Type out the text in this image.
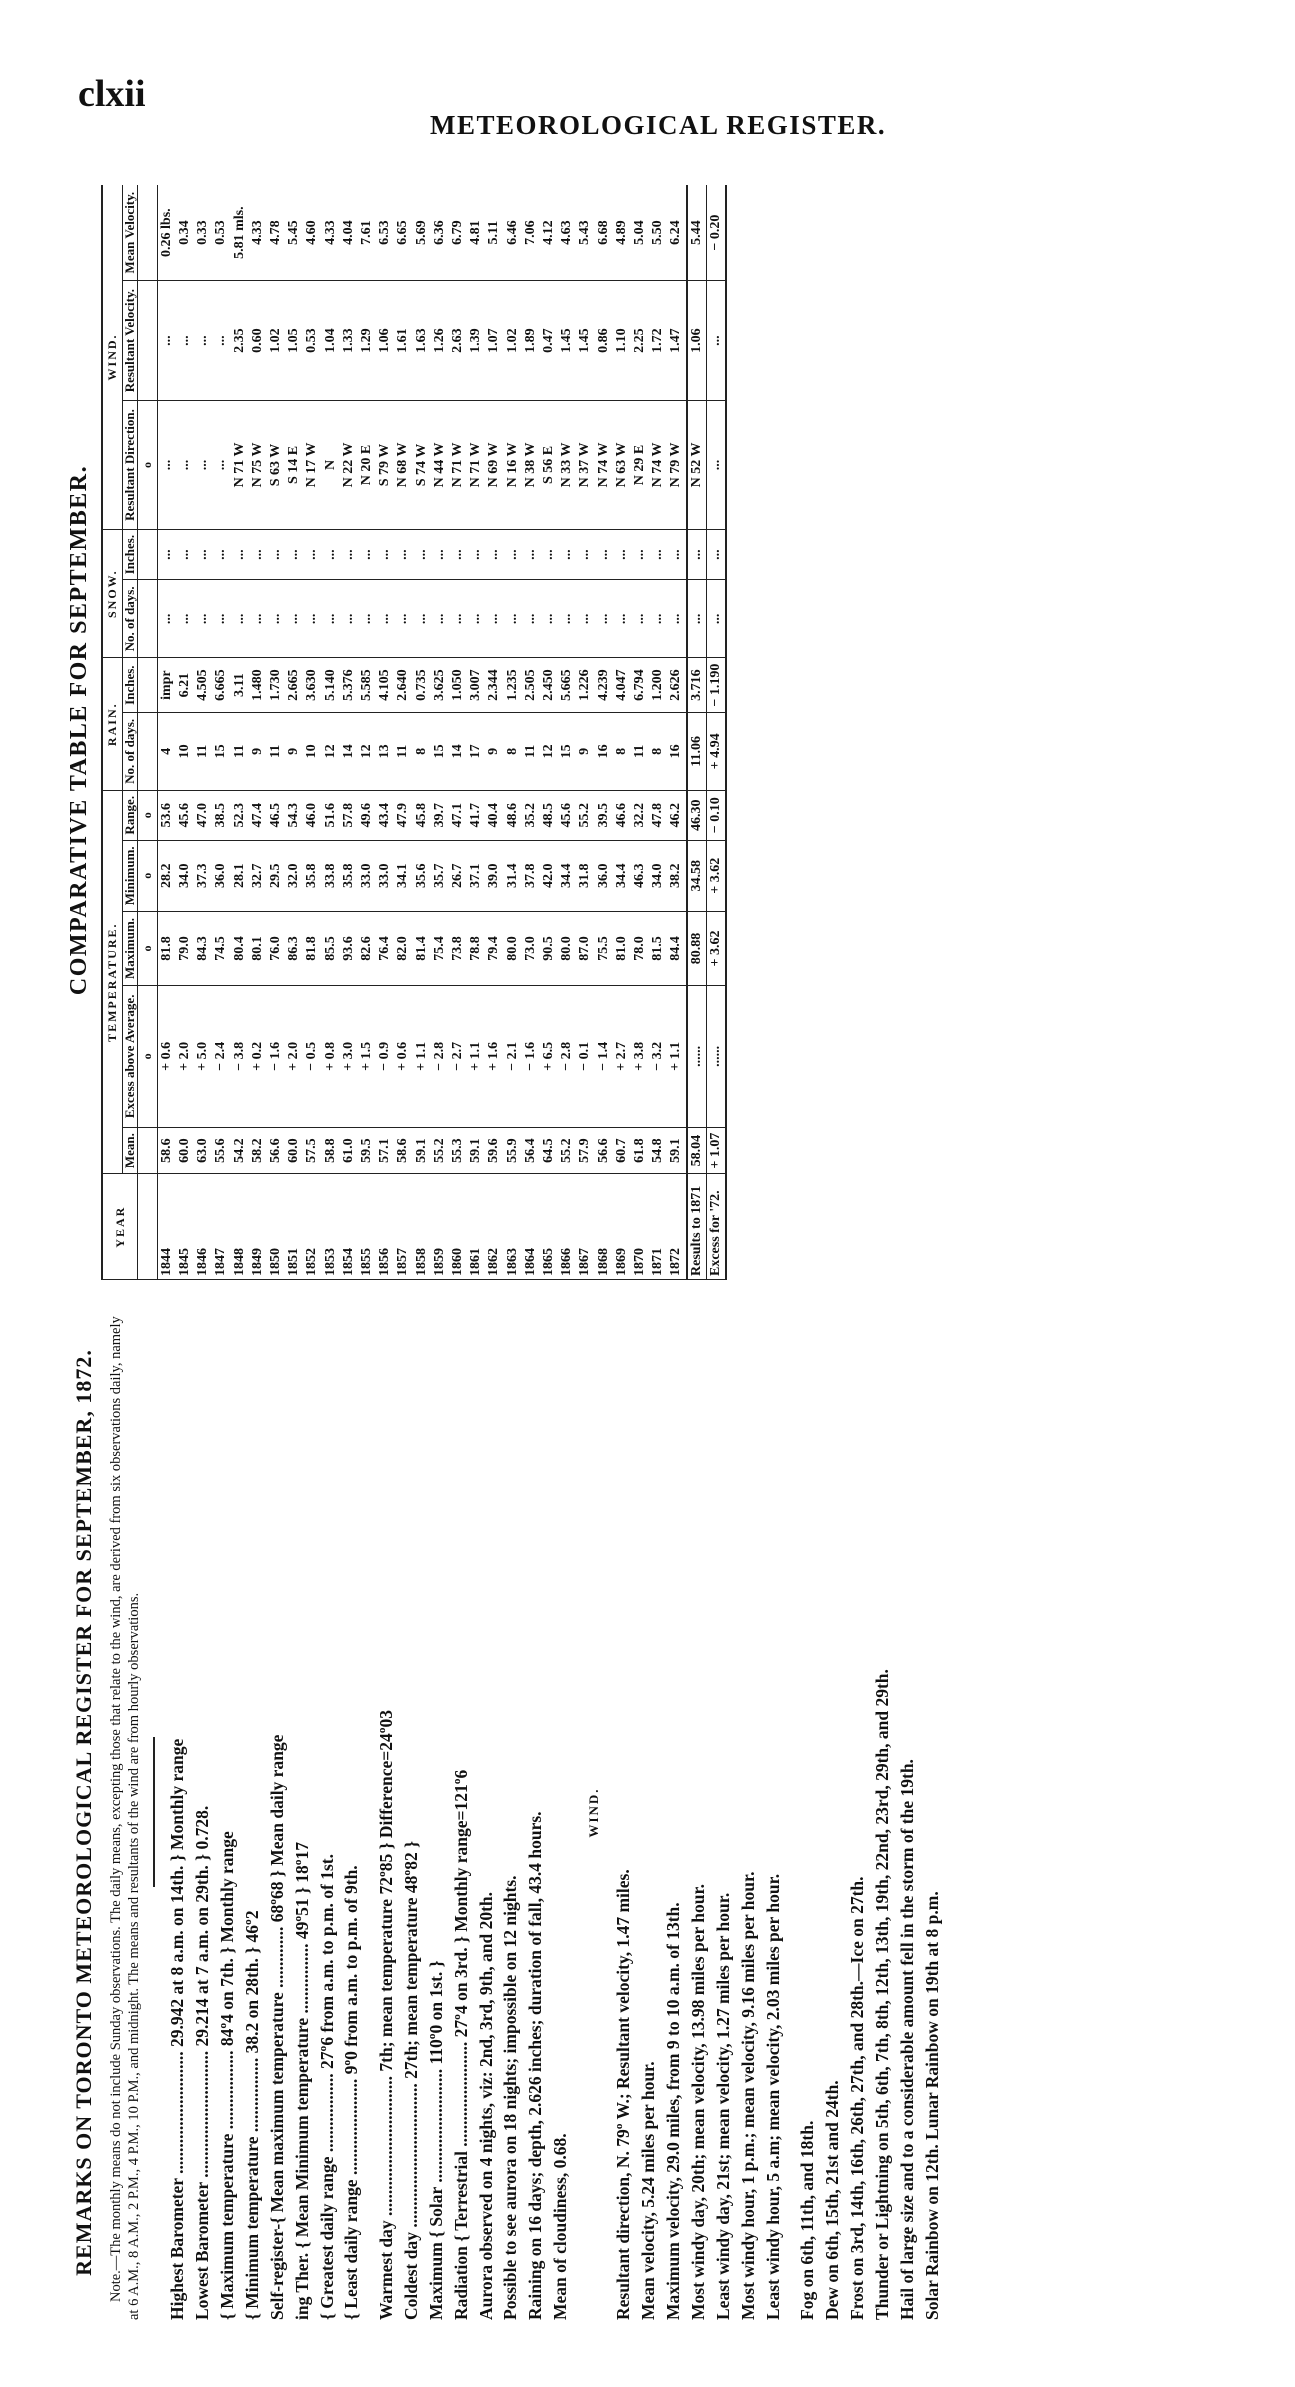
clxii
METEOROLOGICAL REGISTER.
REMARKS ON TORONTO METEOROLOGICAL REGISTER FOR SEPTEMBER, 1872. Note.—The monthly means do not include Sunday observations. The daily means, excepting those that relate to the wind, are derived from six observations daily, namely at 6 A.M., 8 A.M., 2 P.M., 4 P.M., 10 P.M., and midnight. The means and resultants of the wind are from hourly observations. Highest Barometer ............................ 29.942 at 8 a.m. on 14th. } Monthly range Lowest Barometer ............................. 29.214 at 7 a.m. on 29th. } 0.728. { Maximum temperature .................. 84º4 on 7th. } Monthly range { Minimum temperature ................. 38.2 on 28th. } 46º2 Self-register-{ Mean maximum temperature .............. 68º68 } Mean daily range ing Ther. { Mean Minimum temperature ................ 49º51 } 18º17 { Greatest daily range .................. 27º6 from a.m. to p.m. of 1st. { Least daily range ...................... 9º0 from a.m. to p.m. of 9th. Warmest day ................................ 7th; mean temperature 72º85 } Difference=24º03 Coldest day ................................. 27th; mean temperature 48º82 } Maximum { Solar .......................... 110º0 on 1st. } Radiation { Terrestrial ........................ 27º4 on 3rd. } Monthly range=121º6 Aurora observed on 4 nights, viz: 2nd, 3rd, 9th, and 20th. Possible to see aurora on 18 nights; impossible on 12 nights. Raining on 16 days; depth, 2.626 inches; duration of fall, 43.4 hours. Mean of cloudiness, 0.68.
WIND.
Resultant direction, N. 79º W.; Resultant velocity, 1.47 miles. Mean velocity, 5.24 miles per hour. Maximum velocity, 29.0 miles, from 9 to 10 a.m. of 13th. Most windy day, 20th; mean velocity, 13.98 miles per hour. Least windy day, 21st; mean velocity, 1.27 miles per hour. Most windy hour, 1 p.m.; mean velocity, 9.16 miles per hour. Least windy hour, 5 a.m; mean velocity, 2.03 miles per hour. Fog on 6th, 11th, and 18th. Dew on 6th, 15th, 21st and 24th. Frost on 3rd, 14th, 16th, 26th, 27th, and 28th.—Ice on 27th. Thunder or Lightning on 5th, 6th, 7th, 8th, 12th, 13th, 19th, 22nd, 23rd, 29th, and 29th. Hail of large size and to a considerable amount fell in the storm of the 19th. Solar Rainbow on 12th. Lunar Rainbow on 19th at 8 p.m.
COMPARATIVE TABLE FOR SEPTEMBER.
YEAR	TEMPERATURE.					RAIN.		SNOW.		WIND.		
	Mean.	Excess above Average.	Maximum.	Minimum.	Range.	No. of days.	Inches.	No. of days.	Inches.	Resultant Direction.	Resultant Velocity.	Mean Velocity.
		o	o	o	o					o		
1844	58.6	+ 0.6	81.8	28.2	53.6	4	impr	...	...	...	...	0.26 lbs.
1845	60.0	+ 2.0	79.0	34.0	45.6	10	6.21	...	...	...	...	0.34
1846	63.0	+ 5.0	84.3	37.3	47.0	11	4.505	...	...	...	...	0.33
1847	55.6	− 2.4	74.5	36.0	38.5	15	6.665	...	...	...	...	0.53
1848	54.2	− 3.8	80.4	28.1	52.3	11	3.11	...	...	N 71 W	2.35	5.81 mls.
1849	58.2	+ 0.2	80.1	32.7	47.4	9	1.480	...	...	N 75 W	0.60	4.33
1850	56.6	− 1.6	76.0	29.5	46.5	11	1.730	...	...	S 63 W	1.02	4.78
1851	60.0	+ 2.0	86.3	32.0	54.3	9	2.665	...	...	S 14 E	1.05	5.45
1852	57.5	− 0.5	81.8	35.8	46.0	10	3.630	...	...	N 17 W	0.53	4.60
1853	58.8	+ 0.8	85.5	33.8	51.6	12	5.140	...	...	N	1.04	4.33
1854	61.0	+ 3.0	93.6	35.8	57.8	14	5.376	...	...	N 22 W	1.33	4.04
1855	59.5	+ 1.5	82.6	33.0	49.6	12	5.585	...	...	N 20 E	1.29	7.61
1856	57.1	− 0.9	76.4	33.0	43.4	13	4.105	...	...	S 79 W	1.06	6.53
1857	58.6	+ 0.6	82.0	34.1	47.9	11	2.640	...	...	N 68 W	1.61	6.65
1858	59.1	+ 1.1	81.4	35.6	45.8	8	0.735	...	...	S 74 W	1.63	5.69
1859	55.2	− 2.8	75.4	35.7	39.7	15	3.625	...	...	N 44 W	1.26	6.36
1860	55.3	− 2.7	73.8	26.7	47.1	14	1.050	...	...	N 71 W	2.63	6.79
1861	59.1	+ 1.1	78.8	37.1	41.7	17	3.007	...	...	N 71 W	1.39	4.81
1862	59.6	+ 1.6	79.4	39.0	40.4	9	2.344	...	...	N 69 W	1.07	5.11
1863	55.9	− 2.1	80.0	31.4	48.6	8	1.235	...	...	N 16 W	1.02	6.46
1864	56.4	− 1.6	73.0	37.8	35.2	11	2.505	...	...	N 38 W	1.89	7.06
1865	64.5	+ 6.5	90.5	42.0	48.5	12	2.450	...	...	S 56 E	0.47	4.12
1866	55.2	− 2.8	80.0	34.4	45.6	15	5.665	...	...	N 33 W	1.45	4.63
1867	57.9	− 0.1	87.0	31.8	55.2	9	1.226	...	...	N 37 W	1.45	5.43
1868	56.6	− 1.4	75.5	36.0	39.5	16	4.239	...	...	N 74 W	0.86	6.68
1869	60.7	+ 2.7	81.0	34.4	46.6	8	4.047	...	...	N 63 W	1.10	4.89
1870	61.8	+ 3.8	78.0	46.3	32.2	11	6.794	...	...	N 29 E	2.25	5.04
1871	54.8	− 3.2	81.5	34.0	47.8	8	1.200	...	...	N 74 W	1.72	5.50
1872	59.1	+ 1.1	84.4	38.2	46.2	16	2.626	...	...	N 79 W	1.47	6.24
Results to 1871	58.04	......	80.88	34.58	46.30	11.06	3.716	...	...	N 52 W	1.06	5.44
Excess for '72.	+ 1.07	......	+ 3.62	+ 3.62	− 0.10	+ 4.94	− 1.190	...	...	...	...	− 0.20
